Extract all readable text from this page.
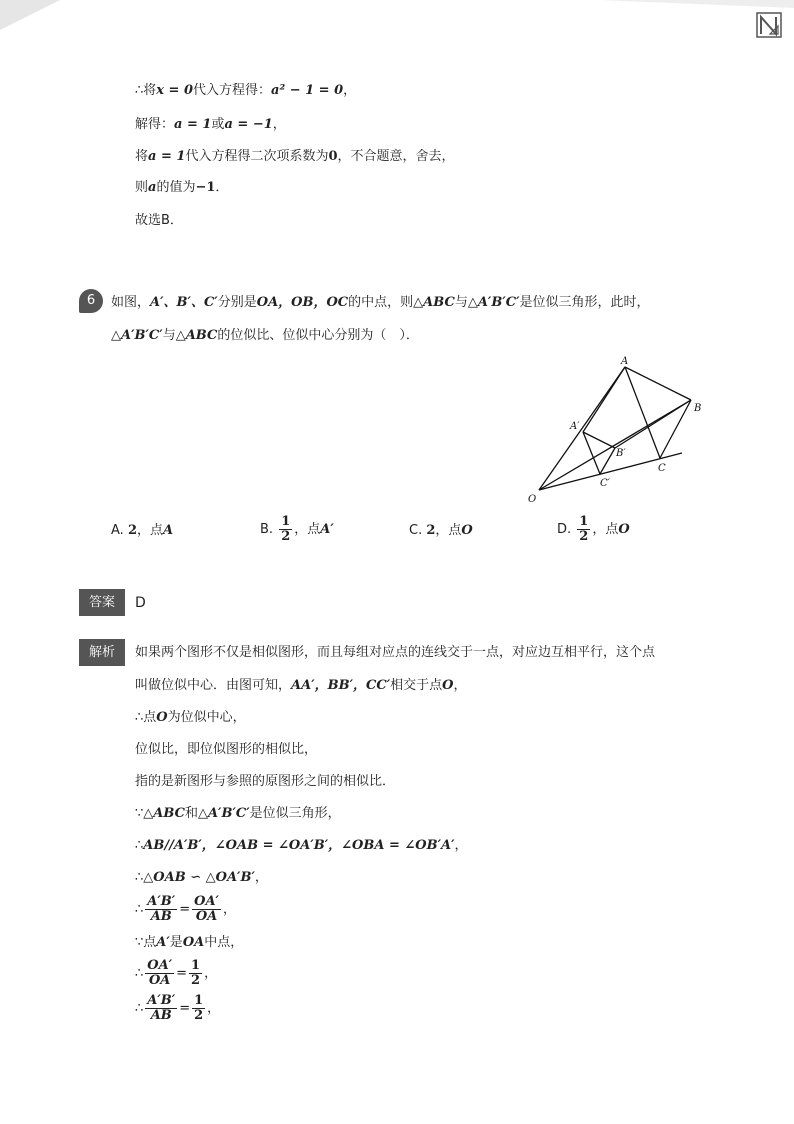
∴将x = 0代入方程得：a² − 1 = 0，
解得：a = 1或a = −1，
将a = 1代入方程得二次项系数为0，不合题意，舍去，
则a的值为−1．
故选B．
6	如图，A′、B′、C′分别是OA，OB，OC的中点，则△ABC与△A′B′C′是位似三角形，此时，
△A′B′C′与△ABC的位似比、位似中心分别为（　）．
A
B
C
A′
B′
C′
O
A. 2，点A	B. $\frac{1}{2}$ ，点A′	C. 2，点O	D. $\frac{1}{2}$ ，点O
答案	D
解析	如果两个图形不仅是相似图形，而且每组对应点的连线交于一点，对应边互相平行，这个点
叫做位似中心．由图可知，AA′，BB′，CC′相交于点O，
∴点O为位似中心，
位似比，即位似图形的相似比，
指的是新图形与参照的原图形之间的相似比．
∵△ABC和△A′B′C′是位似三角形，
∴AB//A′B′，∠OAB = ∠OA′B′，∠OBA = ∠OB′A′，
∴△OAB ∽ △OA′B′，
∴ $\frac{A'B'}{AB} = \frac{OA'}{OA}$ ，
∵点A′是OA中点，
∴ $\frac{OA'}{OA} = \frac{1}{2}$ ，
∴ $\frac{A'B'}{AB} = \frac{1}{2}$ ，
